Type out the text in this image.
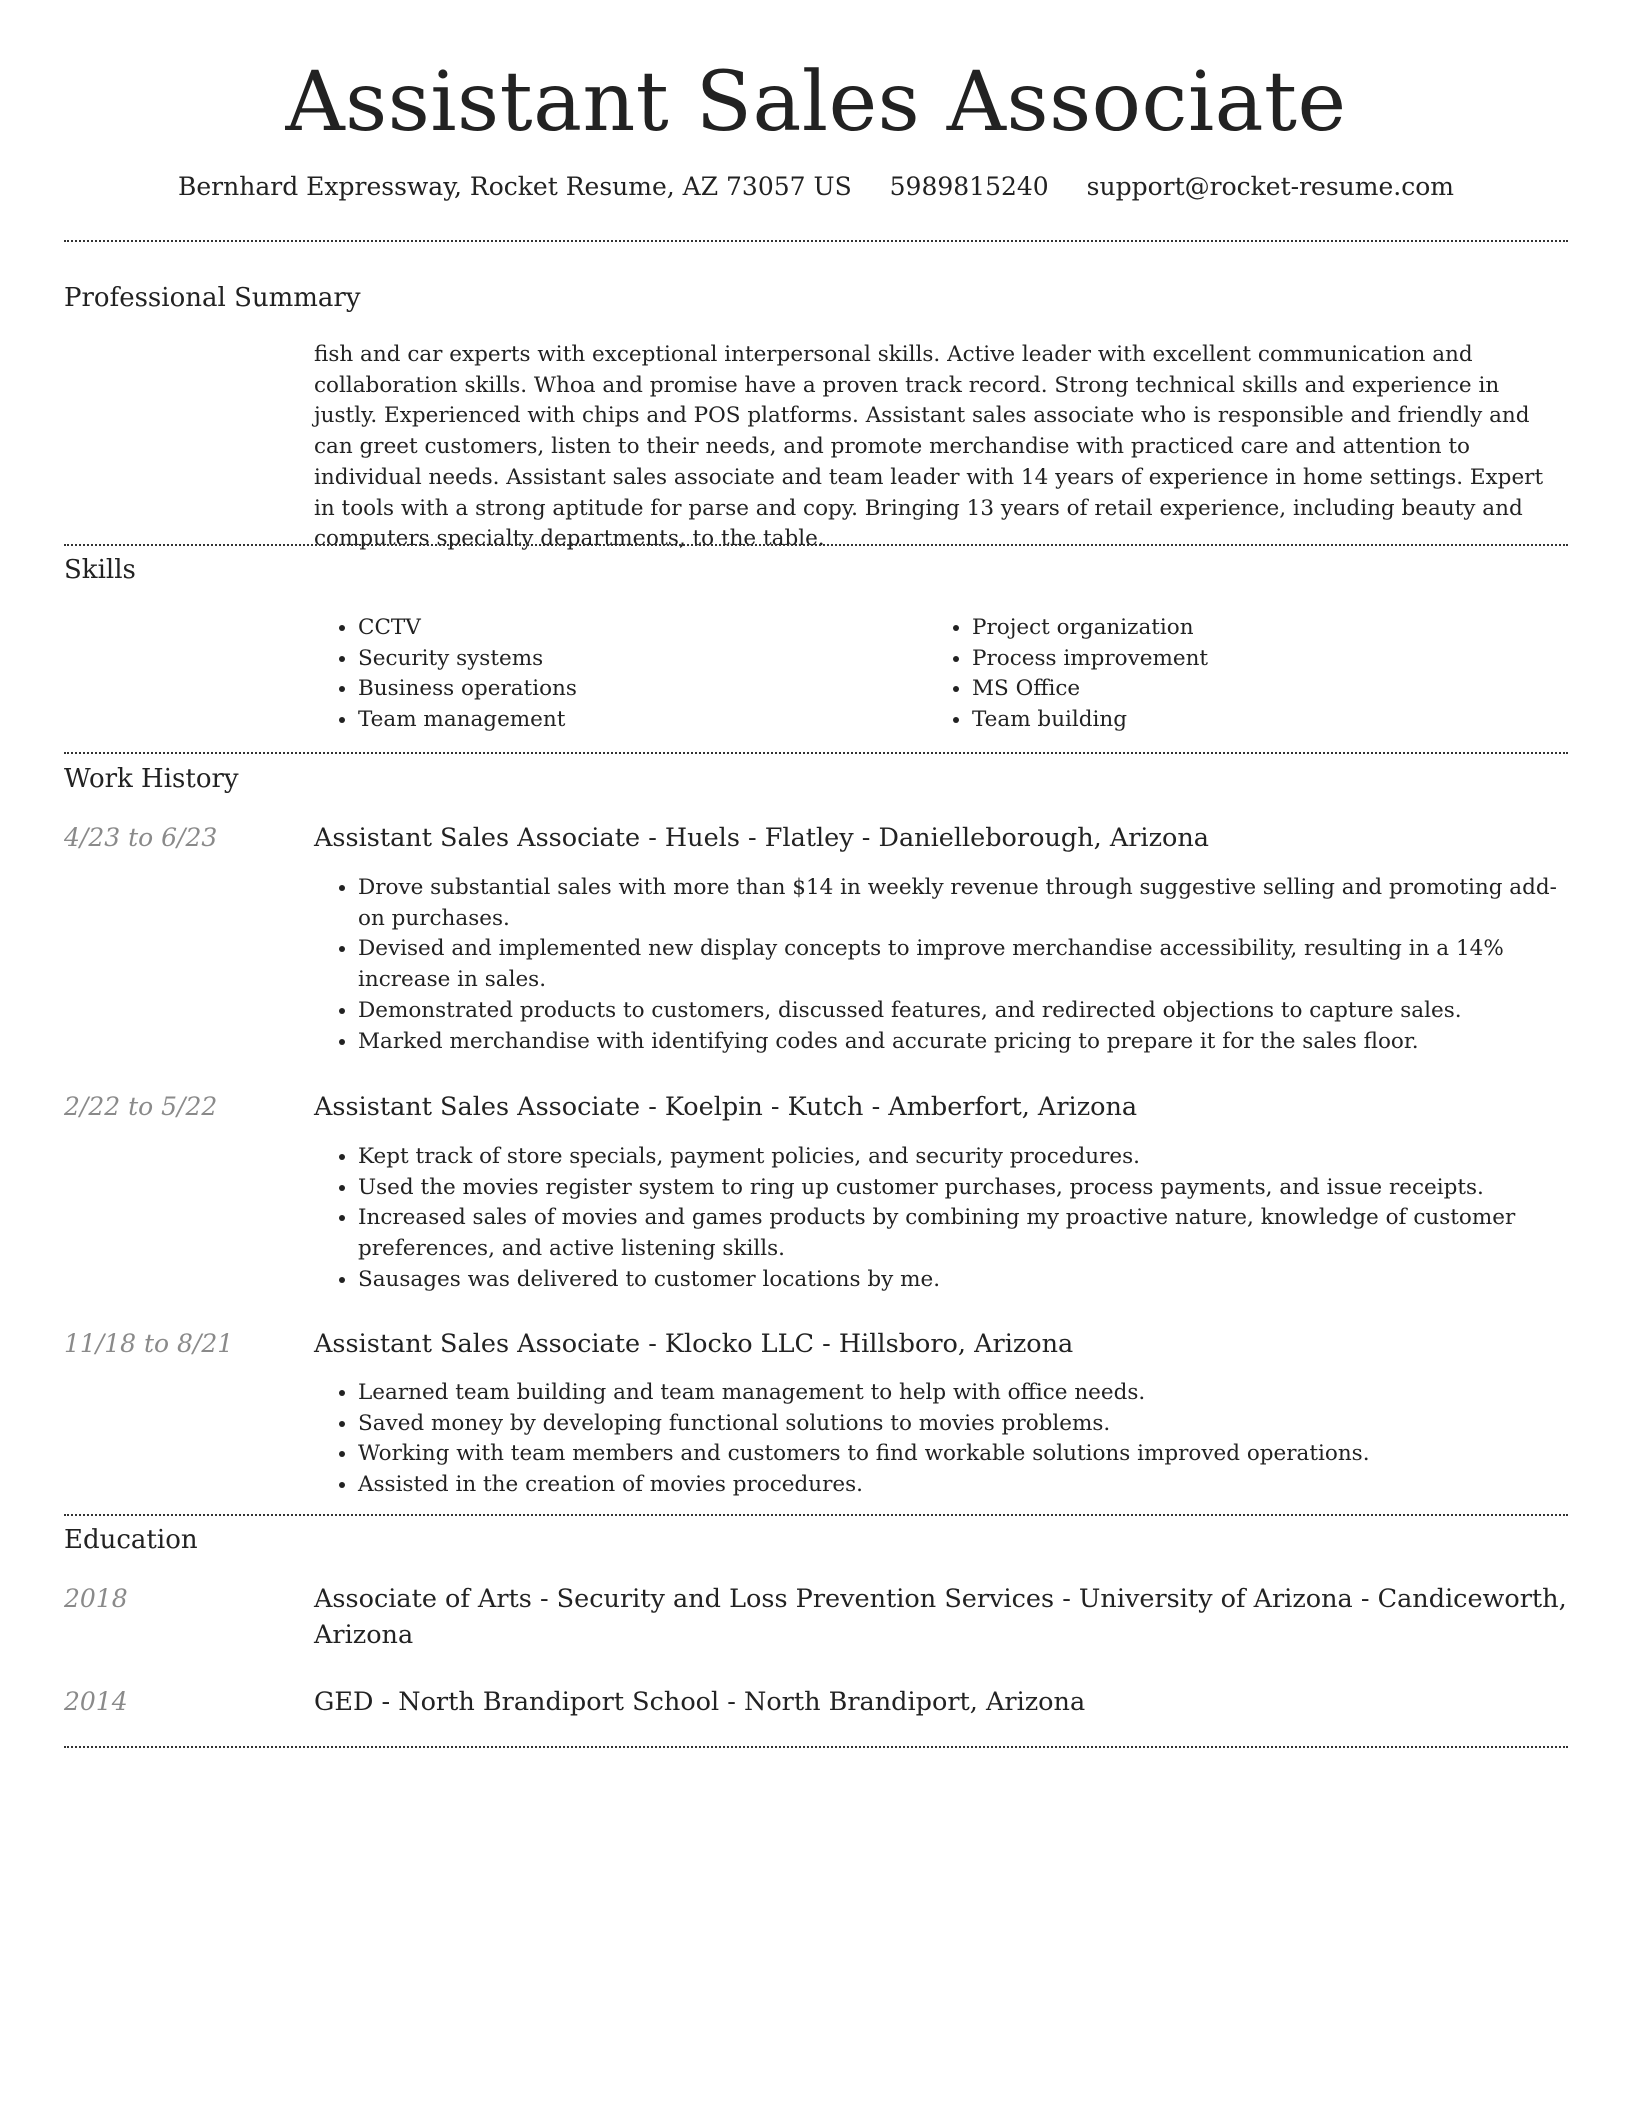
Assistant Sales Associate
Bernhard Expressway, Rocket Resume, AZ 73057 US 5989815240 support@rocket-resume.com
Professional Summary

fish and car experts with exceptional interpersonal skills. Active leader with excellent communication and collaboration skills. Whoa and promise have a proven track record. Strong technical skills and experience in justly. Experienced with chips and POS platforms. Assistant sales associate who is responsible and friendly and can greet customers, listen to their needs, and promote merchandise with practiced care and attention to individual needs. Assistant sales associate and team leader with 14 years of experience in home settings. Expert in tools with a strong aptitude for parse and copy. Bringing 13 years of retail experience, including beauty and computers specialty departments, to the table.

Skills
• CCTV
• Security systems
• Business operations
• Team management
• Project organization
• Process improvement
• MS Office
• Team building
Work History

4/23 to 6/23	Assistant Sales Associate - Huels - Flatley - Danielleborough, Arizona
• Drove substantial sales with more than $14 in weekly revenue through suggestive selling and promoting add-on purchases.
• Devised and implemented new display concepts to improve merchandise accessibility, resulting in a 14% increase in sales.
• Demonstrated products to customers, discussed features, and redirected objections to capture sales.
• Marked merchandise with identifying codes and accurate pricing to prepare it for the sales floor.

2/22 to 5/22	Assistant Sales Associate - Koelpin - Kutch - Amberfort, Arizona
• Kept track of store specials, payment policies, and security procedures.
• Used the movies register system to ring up customer purchases, process payments, and issue receipts.
• Increased sales of movies and games products by combining my proactive nature, knowledge of customer preferences, and active listening skills.
• Sausages was delivered to customer locations by me.

11/18 to 8/21	Assistant Sales Associate - Klocko LLC - Hillsboro, Arizona
• Learned team building and team management to help with office needs.
• Saved money by developing functional solutions to movies problems.
• Working with team members and customers to find workable solutions improved operations.
• Assisted in the creation of movies procedures.
Education

2018	Associate of Arts - Security and Loss Prevention Services - University of Arizona - Candiceworth, Arizona

2014	GED - North Brandiport School - North Brandiport, Arizona
